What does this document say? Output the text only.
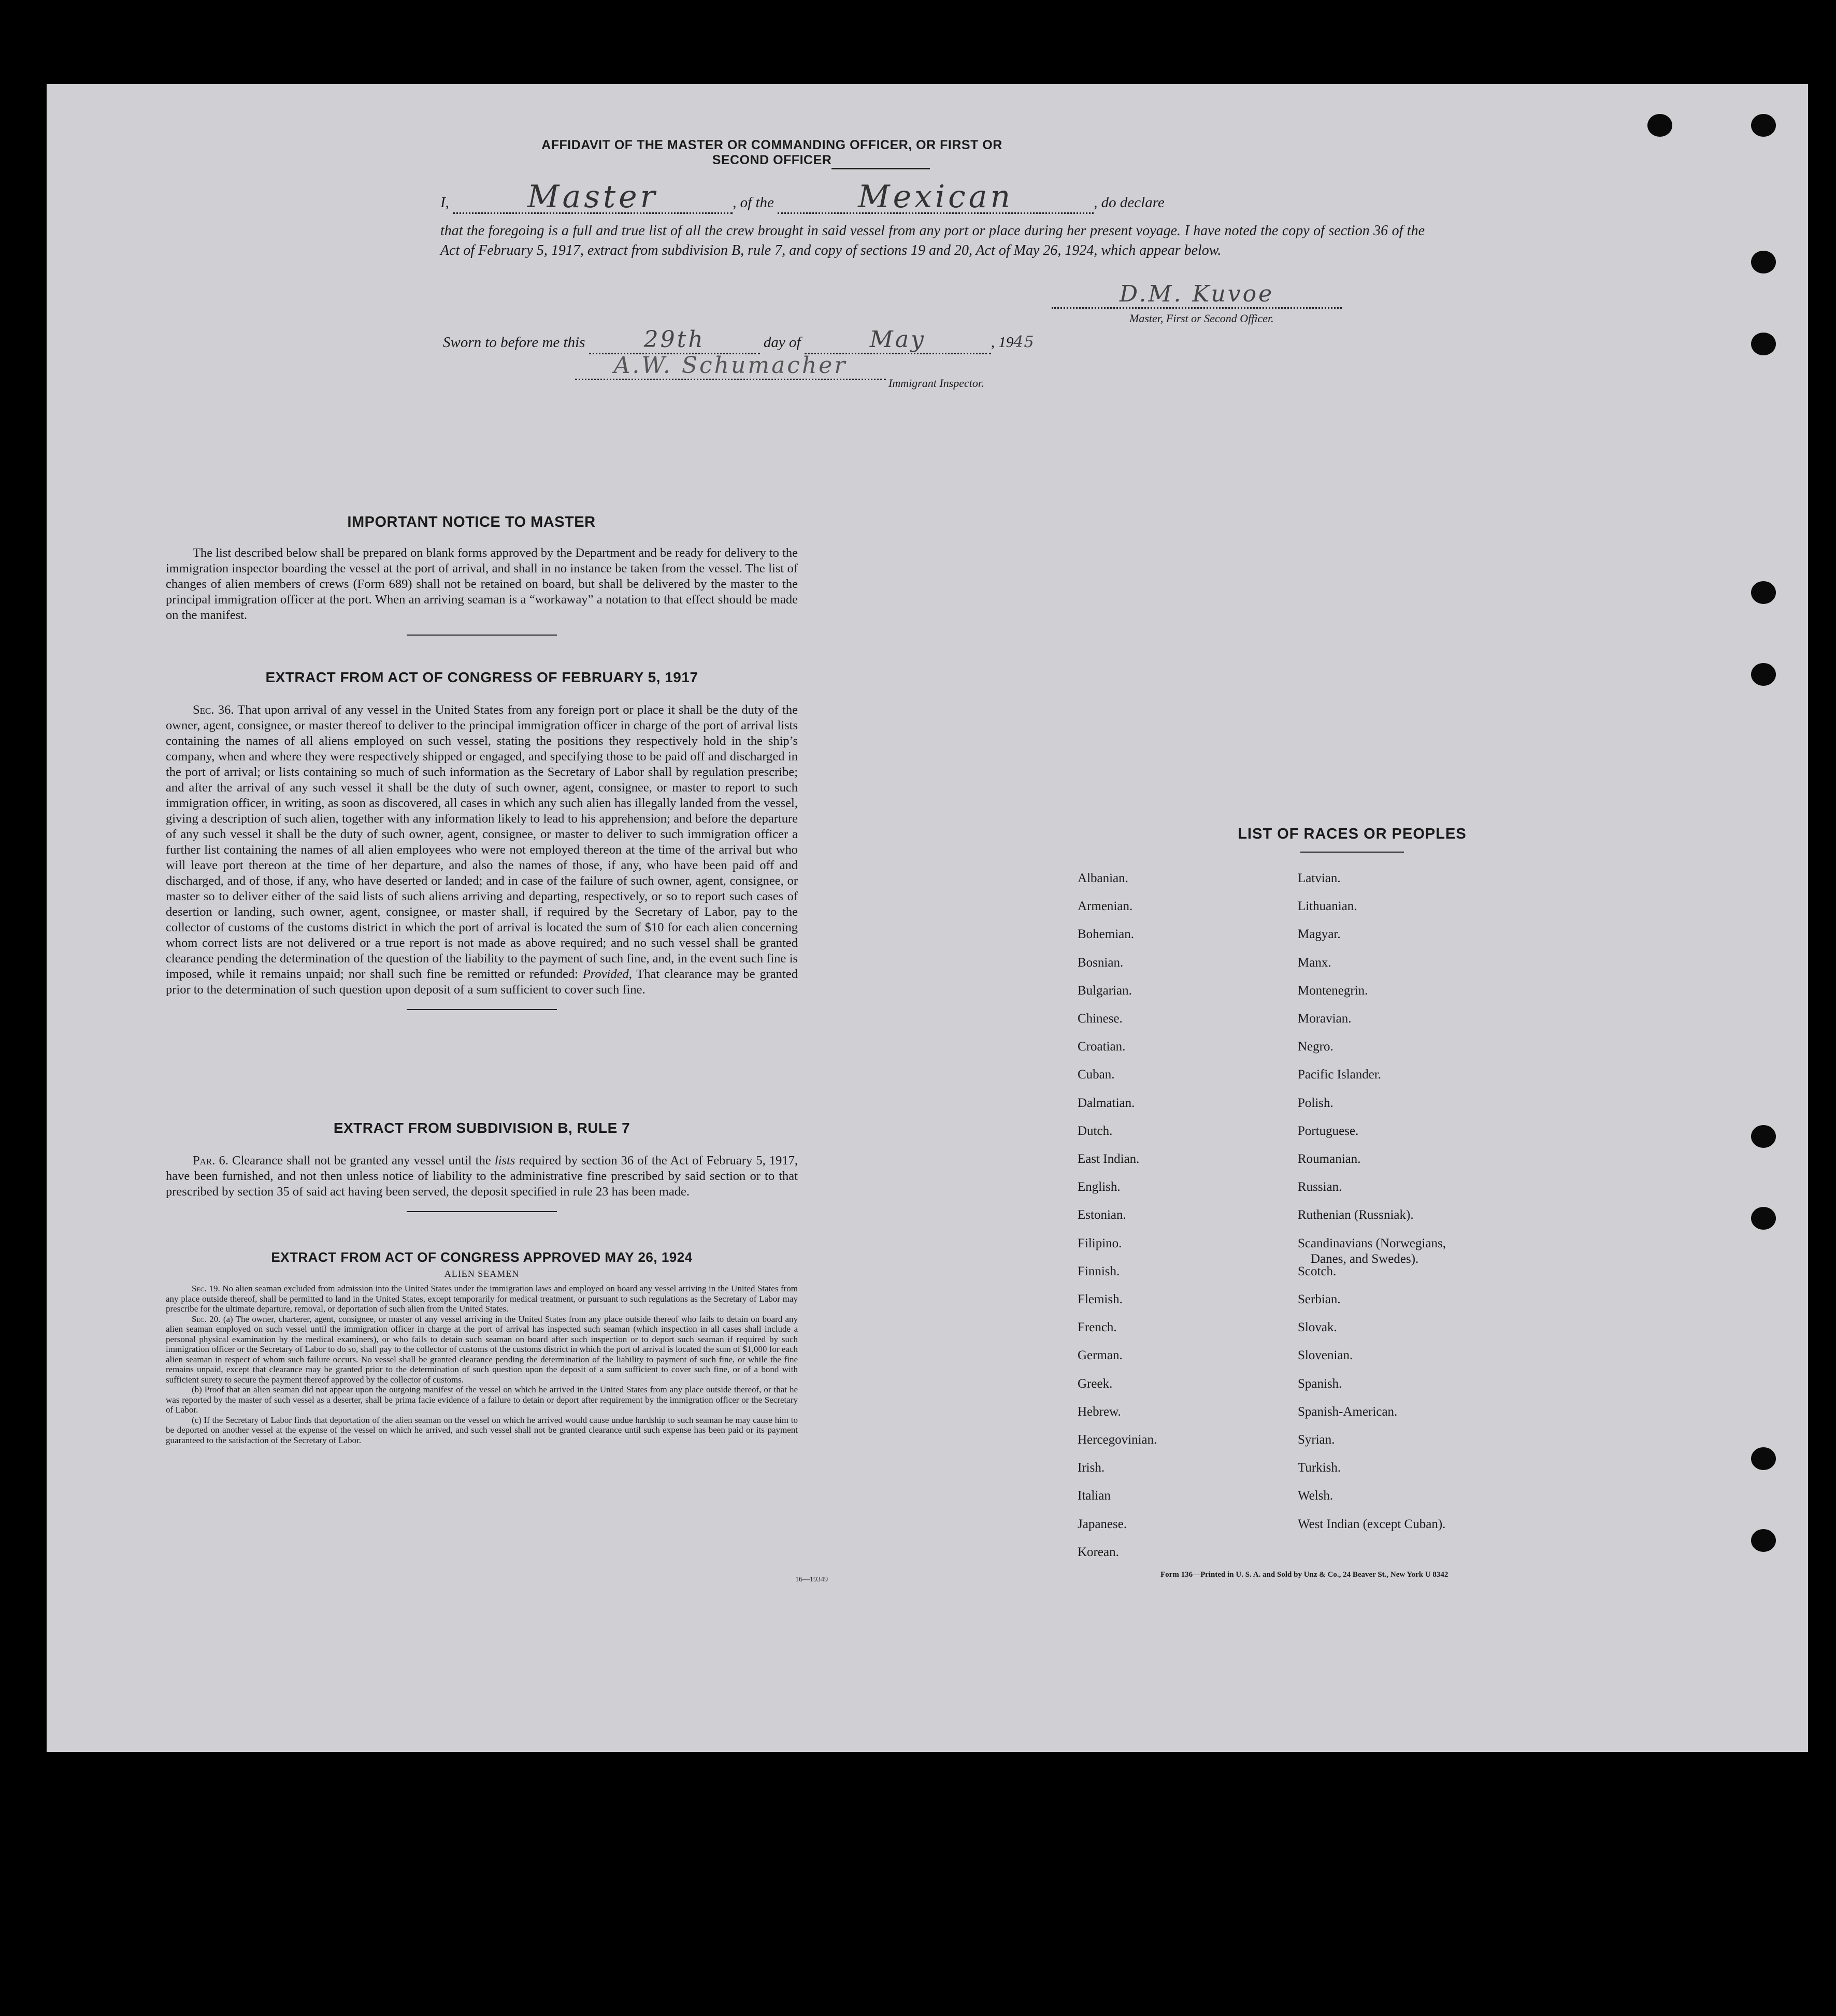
AFFIDAVIT OF THE MASTER OR COMMANDING OFFICER, OR FIRST OR SECOND OFFICER
I,	Master	, of the	Mexican	, do declare
that the foregoing is a full and true list of all the crew brought in said vessel from any port or place during her present voyage. I have noted the copy of section 36 of the Act of February 5, 1917, extract from subdivision B, rule 7, and copy of sections 19 and 20, Act of May 26, 1924, which appear below.
D.M. Kuvoe
Master, First or Second Officer.
Sworn to before me this	29th	day of	May	, 1945
A.W. Schumacher
Immigrant Inspector.
IMPORTANT NOTICE TO MASTER
The list described below shall be prepared on blank forms approved by the Department and be ready for delivery to the immigration inspector boarding the vessel at the port of arrival, and shall in no instance be taken from the vessel. The list of changes of alien members of crews (Form 689) shall not be retained on board, but shall be delivered by the master to the principal immigration officer at the port. When an arriving seaman is a “workaway” a notation to that effect should be made on the manifest.
EXTRACT FROM ACT OF CONGRESS OF FEBRUARY 5, 1917
Sec. 36. That upon arrival of any vessel in the United States from any foreign port or place it shall be the duty of the owner, agent, consignee, or master thereof to deliver to the principal immigration officer in charge of the port of arrival lists containing the names of all aliens employed on such vessel, stating the positions they respectively hold in the ship’s company, when and where they were respectively shipped or engaged, and specifying those to be paid off and discharged in the port of arrival; or lists containing so much of such information as the Secretary of Labor shall by regulation prescribe; and after the arrival of any such vessel it shall be the duty of such owner, agent, consignee, or master to report to such immigration officer, in writing, as soon as discovered, all cases in which any such alien has illegally landed from the vessel, giving a description of such alien, together with any information likely to lead to his apprehension; and before the departure of any such vessel it shall be the duty of such owner, agent, consignee, or master to deliver to such immigration officer a further list containing the names of all alien employees who were not employed thereon at the time of the arrival but who will leave port thereon at the time of her departure, and also the names of those, if any, who have been paid off and discharged, and of those, if any, who have deserted or landed; and in case of the failure of such owner, agent, consignee, or master so to deliver either of the said lists of such aliens arriving and departing, respectively, or so to report such cases of desertion or landing, such owner, agent, consignee, or master shall, if required by the Secretary of Labor, pay to the collector of customs of the customs district in which the port of arrival is located the sum of $10 for each alien concerning whom correct lists are not delivered or a true report is not made as above required; and no such vessel shall be granted clearance pending the determination of the question of the liability to the payment of such fine, and, in the event such fine is imposed, while it remains unpaid; nor shall such fine be remitted or refunded: Provided, That clearance may be granted prior to the determination of such question upon deposit of a sum sufficient to cover such fine.
EXTRACT FROM SUBDIVISION B, RULE 7
Par. 6. Clearance shall not be granted any vessel until the lists required by section 36 of the Act of February 5, 1917, have been furnished, and not then unless notice of liability to the administrative fine prescribed by said section or to that prescribed by section 35 of said act having been served, the deposit specified in rule 23 has been made.
EXTRACT FROM ACT OF CONGRESS APPROVED MAY 26, 1924
ALIEN SEAMEN
Sec. 19. No alien seaman excluded from admission into the United States under the immigration laws and employed on board any vessel arriving in the United States from any place outside thereof, shall be permitted to land in the United States, except temporarily for medical treatment, or pursuant to such regulations as the Secretary of Labor may prescribe for the ultimate departure, removal, or deportation of such alien from the United States.
Sec. 20. (a) The owner, charterer, agent, consignee, or master of any vessel arriving in the United States from any place outside thereof who fails to detain on board any alien seaman employed on such vessel until the immigration officer in charge at the port of arrival has inspected such seaman (which inspection in all cases shall include a personal physical examination by the medical examiners), or who fails to detain such seaman on board after such inspection or to deport such seaman if required by such immigration officer or the Secretary of Labor to do so, shall pay to the collector of customs of the customs district in which the port of arrival is located the sum of $1,000 for each alien seaman in respect of whom such failure occurs. No vessel shall be granted clearance pending the determination of the liability to payment of such fine, or while the fine remains unpaid, except that clearance may be granted prior to the determination of such question upon the deposit of a sum sufficient to cover such fine, or of a bond with sufficient surety to secure the payment thereof approved by the collector of customs.
(b) Proof that an alien seaman did not appear upon the outgoing manifest of the vessel on which he arrived in the United States from any place outside thereof, or that he was reported by the master of such vessel as a deserter, shall be prima facie evidence of a failure to detain or deport after requirement by the immigration officer or the Secretary of Labor.
(c) If the Secretary of Labor finds that deportation of the alien seaman on the vessel on which he arrived would cause undue hardship to such seaman he may cause him to be deported on another vessel at the expense of the vessel on which he arrived, and such vessel shall not be granted clearance until such expense has been paid or its payment guaranteed to the satisfaction of the Secretary of Labor.
16—19349
LIST OF RACES OR PEOPLES
Form 136—Printed in U. S. A. and Sold by Unz & Co., 24 Beaver St., New York U 8342
Albanian.
Armenian.
Bohemian.
Bosnian.
Bulgarian.
Chinese.
Croatian.
Cuban.
Dalmatian.
Dutch.
East Indian.
English.
Estonian.
Filipino.
Finnish.
Flemish.
French.
German.
Greek.
Hebrew.
Hercegovinian.
Irish.
Italian
Japanese.
Korean.
Latvian.
Lithuanian.
Magyar.
Manx.
Montenegrin.
Moravian.
Negro.
Pacific Islander.
Polish.
Portuguese.
Roumanian.
Russian.
Ruthenian (Russniak).
Scandinavians (Norwegians,
Danes, and Swedes).
Scotch.
Serbian.
Slovak.
Slovenian.
Spanish.
Spanish-American.
Syrian.
Turkish.
Welsh.
West Indian (except Cuban).
